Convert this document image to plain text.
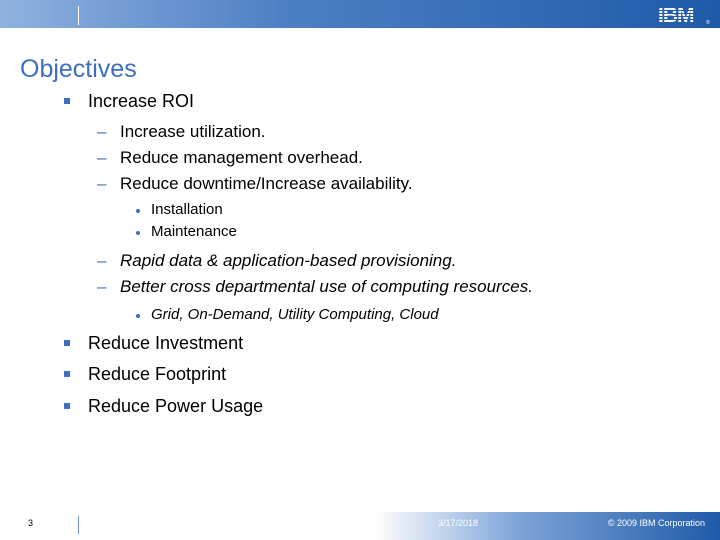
IBM	®
Objectives
Increase ROI
– Increase utilization.
– Reduce management overhead.
– Reduce downtime/Increase availability.
Installation
Maintenance
– Rapid data & application-based provisioning.
– Better cross departmental use of computing resources.
Grid, On-Demand, Utility Computing, Cloud
Reduce Investment
Reduce Footprint
Reduce Power Usage
3	3/17/2018	© 2009 IBM Corporation
